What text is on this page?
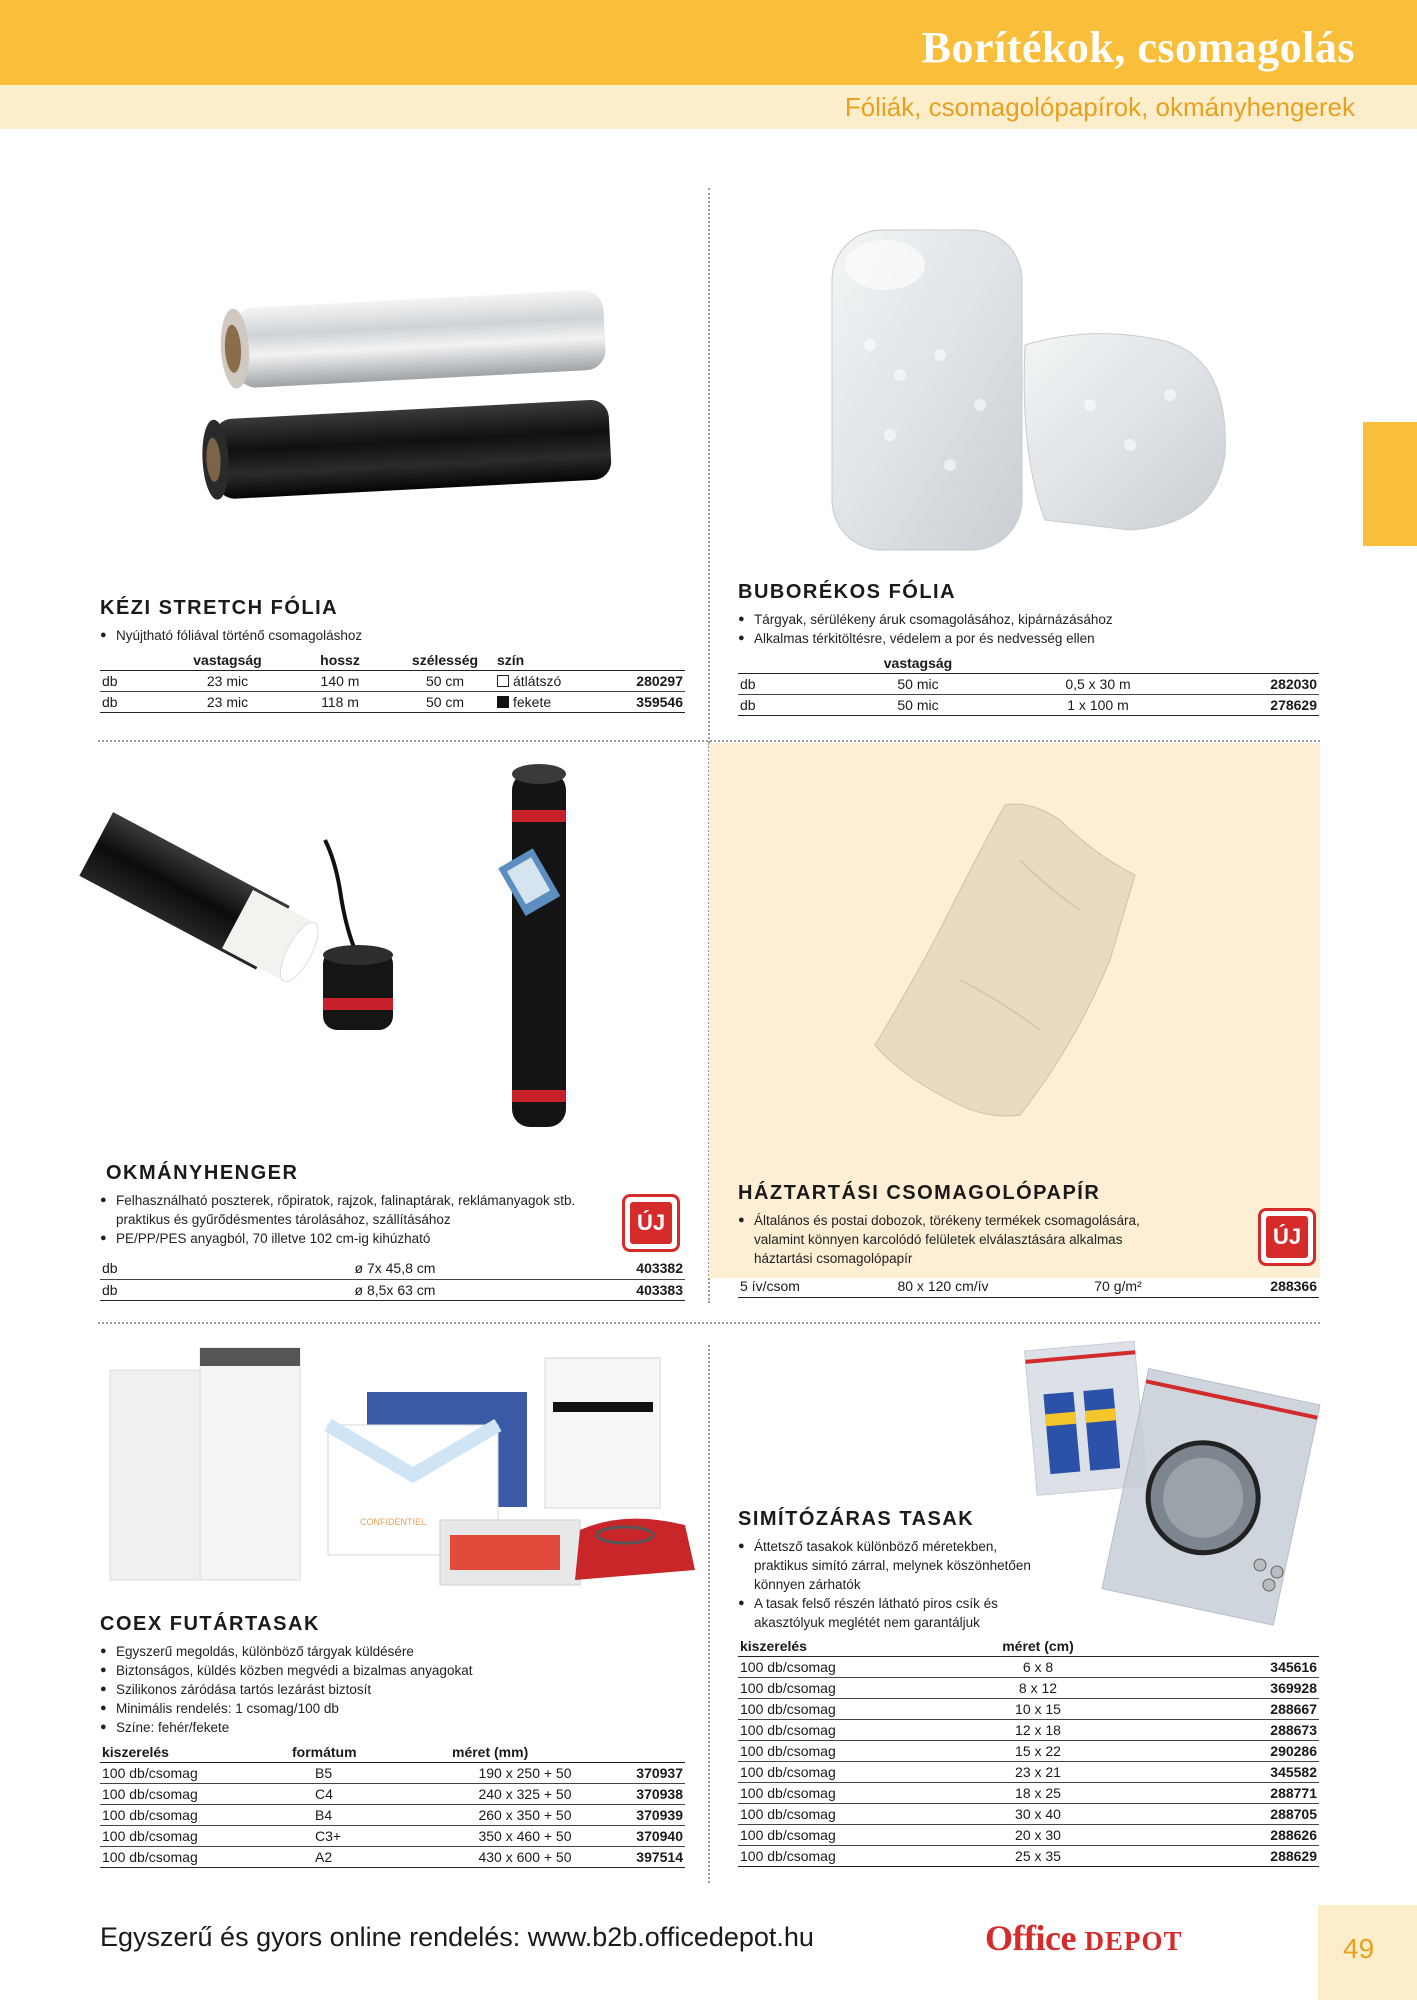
Borítékok, csomagolás
Fóliák, csomagolópapírok, okmányhengerek
CONFIDENTIEL
KÉZI STRETCH FÓLIA
● Nyújtható fóliával történő csomagoláshoz
	vastagság	hossz	szélesség	szín	
db	23 mic	140 m	50 cm	átlátszó	280297
db	23 mic	118 m	50 cm	fekete	359546
BUBORÉKOS FÓLIA
● Tárgyak, sérülékeny áruk csomagolásához, kipárnázásához
● Alkalmas térkitöltésre, védelem a por és nedvesség ellen
	vastagság		
db	50 mic	0,5 x 30 m	282030
db	50 mic	1 x 100 m	278629
OKMÁNYHENGER
● Felhasználható poszterek, rőpiratok, rajzok, falinaptárak, reklámanyagok stb. praktikus és gyűrődésmentes tárolásához, szállításához
● PE/PP/PES anyagból, 70 illetve 102 cm-ig kihúzható
db	ø 7x 45,8 cm	403382
db	ø 8,5x 63 cm	403383
ÚJ
HÁZTARTÁSI CSOMAGOLÓPAPÍR
● Általános és postai dobozok, törékeny termékek csomagolására, valamint könnyen karcolódó felületek elválasztására alkalmas háztartási csomagolópapír
5 ív/csom	80 x 120 cm/ív	70 g/m²	288366
ÚJ
COEX FUTÁRTASAK
● Egyszerű megoldás, különböző tárgyak küldésére
● Biztonságos, küldés közben megvédi a bizalmas anyagokat
● Szilikonos záródása tartós lezárást biztosít
● Minimális rendelés: 1 csomag/100 db
● Színe: fehér/fekete
kiszerelés	formátum	méret (mm)	
100 db/csomag	B5	190 x 250 + 50	370937
100 db/csomag	C4	240 x 325 + 50	370938
100 db/csomag	B4	260 x 350 + 50	370939
100 db/csomag	C3+	350 x 460 + 50	370940
100 db/csomag	A2	430 x 600 + 50	397514
SIMÍTÓZÁRAS TASAK
● Áttetsző tasakok különböző méretekben, praktikus simító zárral, melynek köszönhetően könnyen zárhatók
● A tasak felső részén látható piros csík és akasztólyuk meglétét nem garantáljuk
kiszerelés	méret (cm)	
100 db/csomag	6 x 8	345616
100 db/csomag	8 x 12	369928
100 db/csomag	10 x 15	288667
100 db/csomag	12 x 18	288673
100 db/csomag	15 x 22	290286
100 db/csomag	23 x 21	345582
100 db/csomag	18 x 25	288771
100 db/csomag	30 x 40	288705
100 db/csomag	20 x 30	288626
100 db/csomag	25 x 35	288629
Egyszerű és gyors online rendelés: www.b2b.officedepot.hu	Office DEPOT	49
